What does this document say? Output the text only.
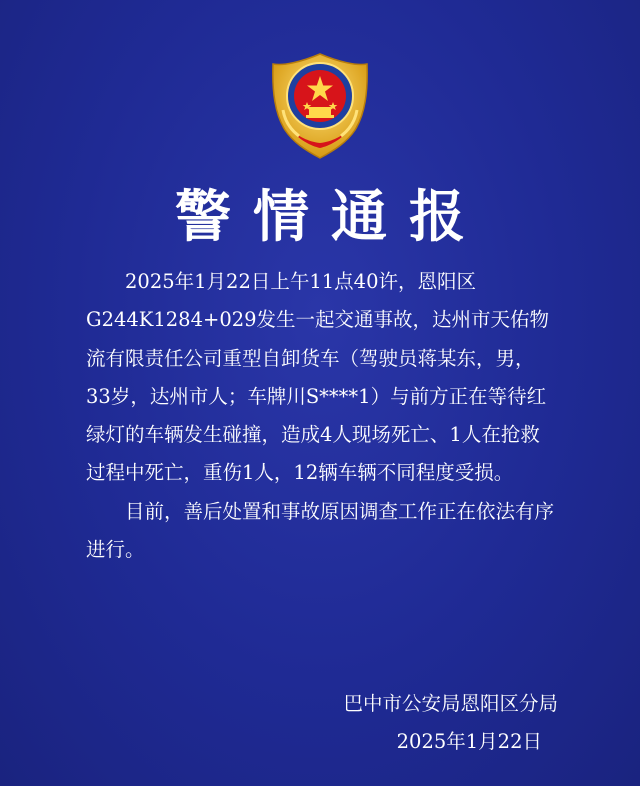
警情通报

2025年1月22日上午11点40许，恩阳区G244K1284+029发生一起交通事故，达州市天佑物流有限责任公司重型自卸货车（驾驶员蒋某东，男，33岁，达州市人；车牌川S****1）与前方正在等待红绿灯的车辆发生碰撞，造成4人现场死亡、1人在抢救过程中死亡，重伤1人，12辆车辆不同程度受损。

目前，善后处置和事故原因调查工作正在依法有序进行。

巴中市公安局恩阳区分局
2025年1月22日
